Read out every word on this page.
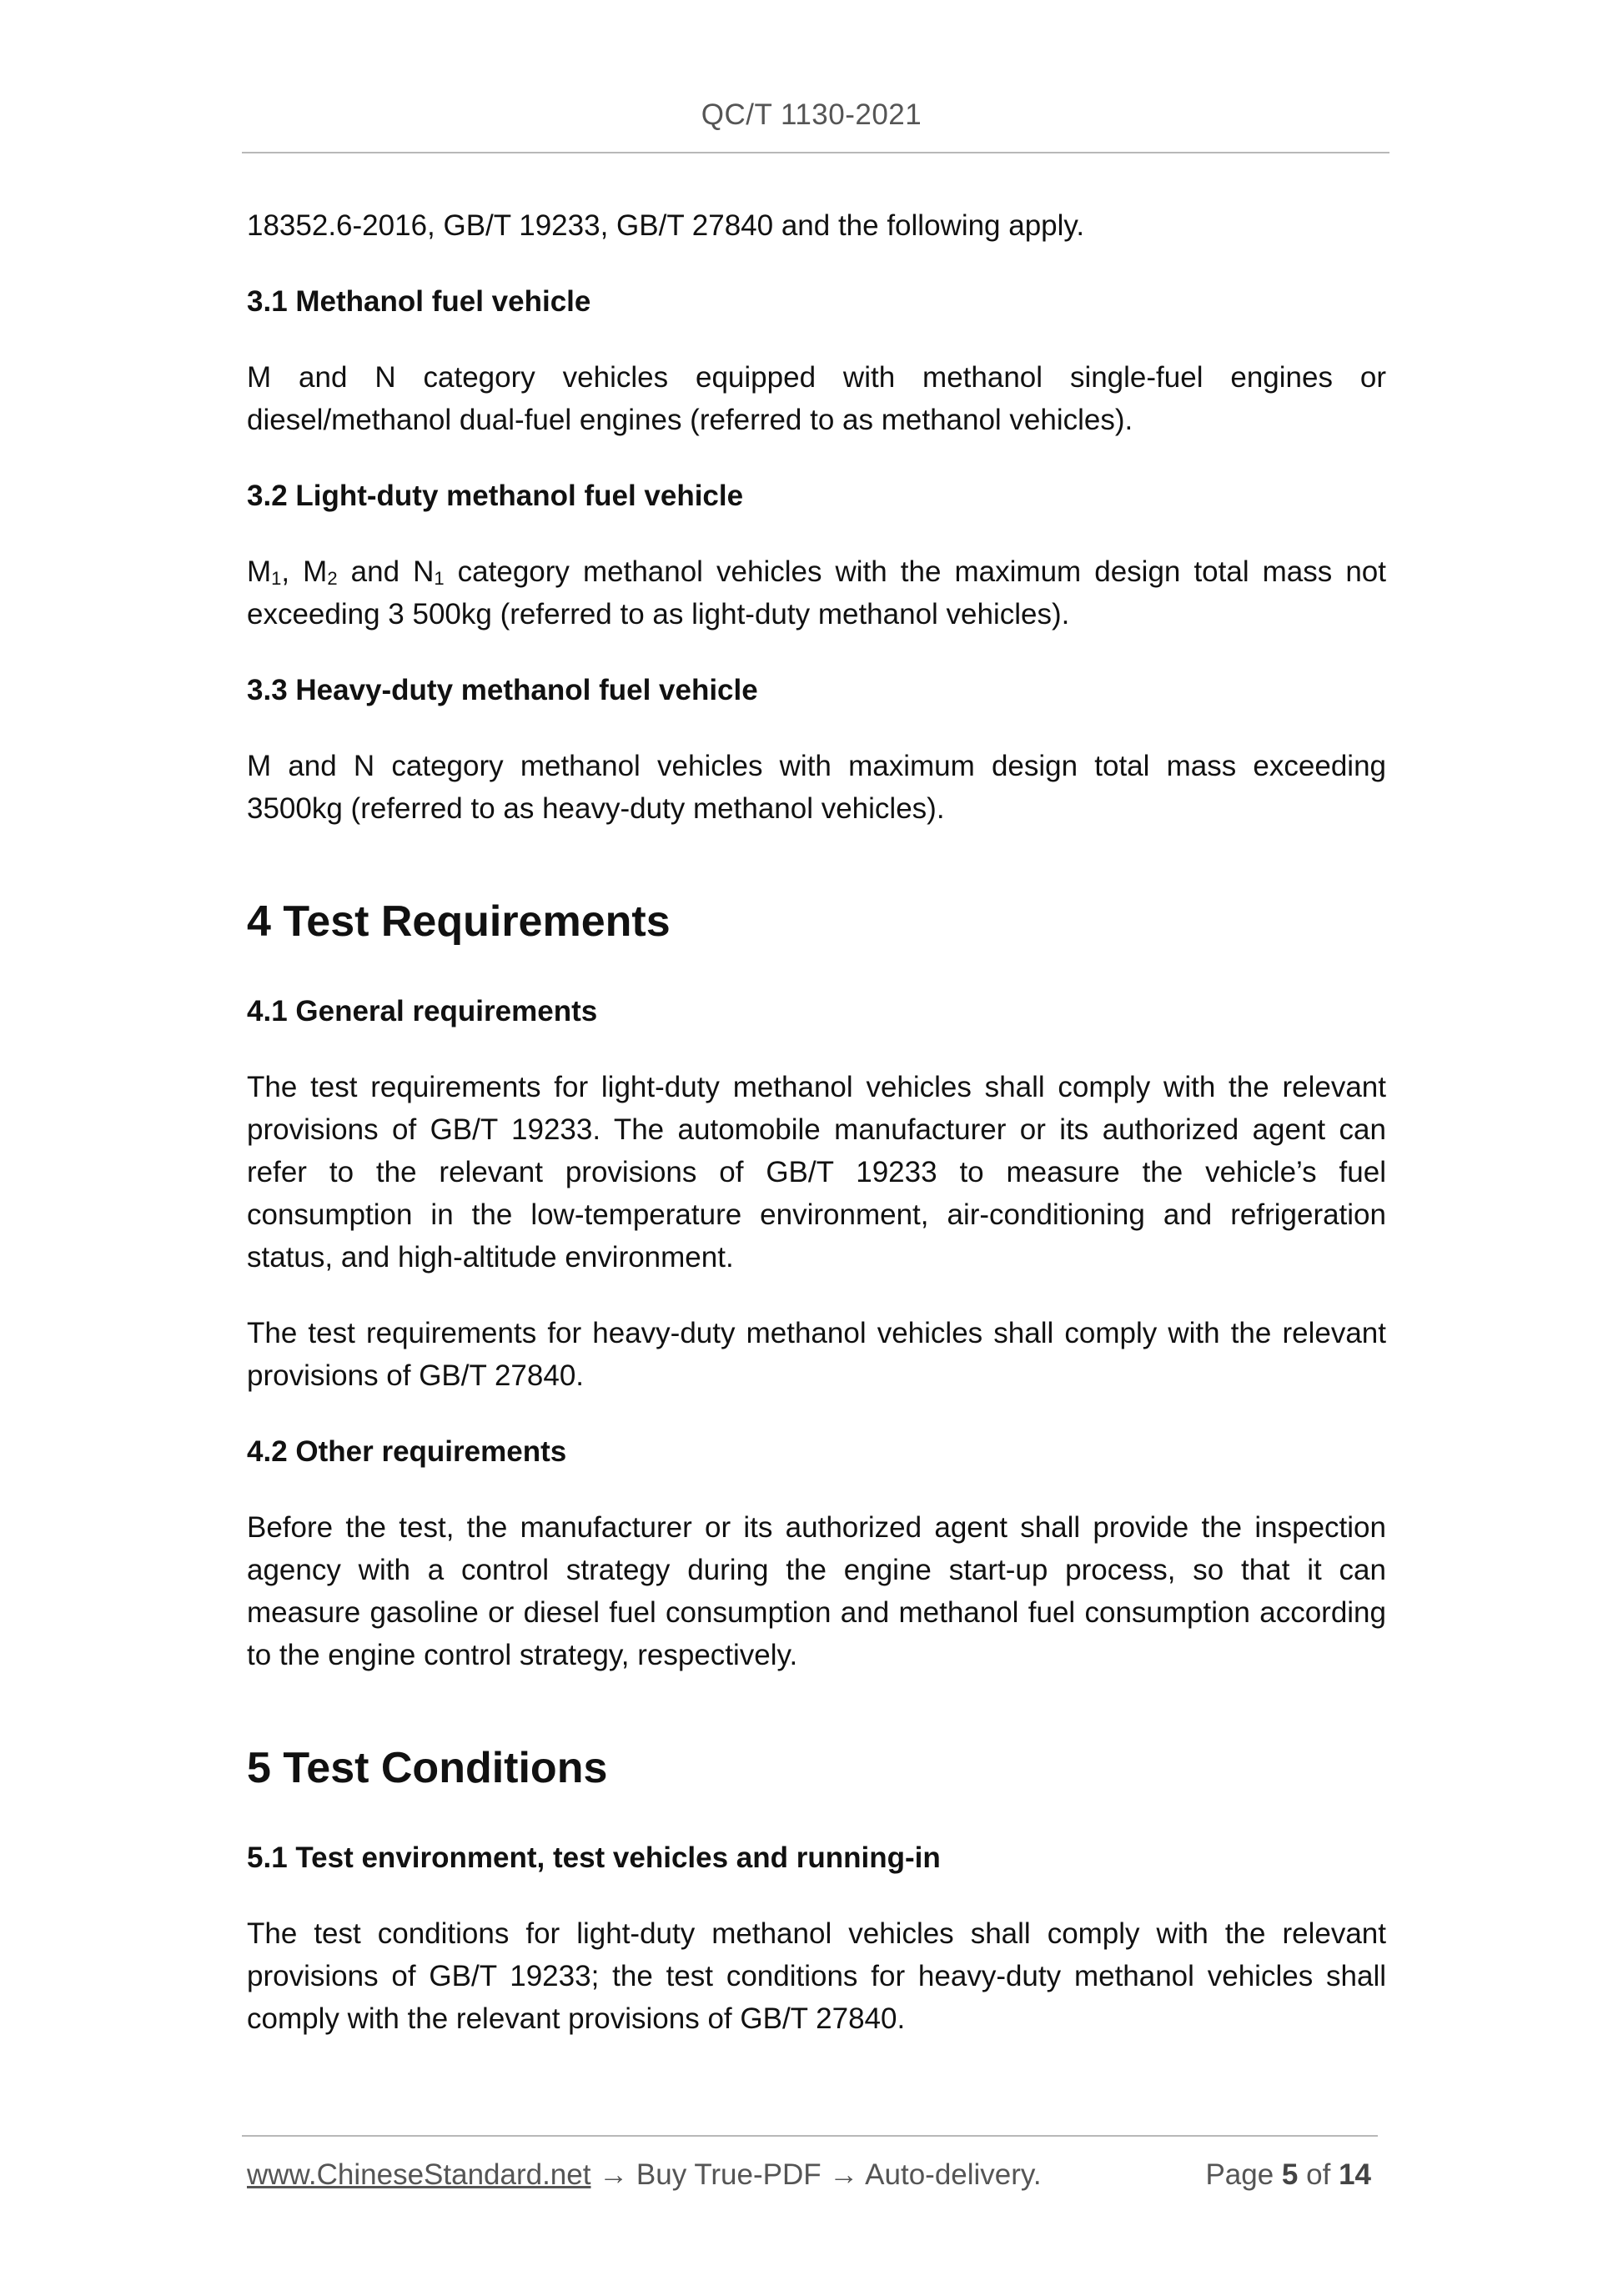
QC/T 1130-2021

18352.6-2016, GB/T 19233, GB/T 27840 and the following apply.

3.1 Methanol fuel vehicle

M and N category vehicles equipped with methanol single-fuel engines or diesel/methanol dual-fuel engines (referred to as methanol vehicles).

3.2 Light-duty methanol fuel vehicle

$M_1$, $M_2$ and $N_1$ category methanol vehicles with the maximum design total mass not exceeding 3 500kg (referred to as light-duty methanol vehicles).

3.3 Heavy-duty methanol fuel vehicle

M and N category methanol vehicles with maximum design total mass exceeding 3500kg (referred to as heavy-duty methanol vehicles).

4 Test Requirements
4.1 General requirements

The test requirements for light-duty methanol vehicles shall comply with the relevant provisions of GB/T 19233. The automobile manufacturer or its authorized agent can refer to the relevant provisions of GB/T 19233 to measure the vehicle’s fuel consumption in the low-temperature environment, air-conditioning and refrigeration status, and high-altitude environment.

The test requirements for heavy-duty methanol vehicles shall comply with the relevant provisions of GB/T 27840.

4.2 Other requirements

Before the test, the manufacturer or its authorized agent shall provide the inspection agency with a control strategy during the engine start-up process, so that it can measure gasoline or diesel fuel consumption and methanol fuel consumption according to the engine control strategy, respectively.

5 Test Conditions
5.1 Test environment, test vehicles and running-in

The test conditions for light-duty methanol vehicles shall comply with the relevant provisions of GB/T 19233; the test conditions for heavy-duty methanol vehicles shall comply with the relevant provisions of GB/T 27840.

www.ChineseStandard.net → Buy True-PDF → Auto-delivery.	Page 5 of 14
